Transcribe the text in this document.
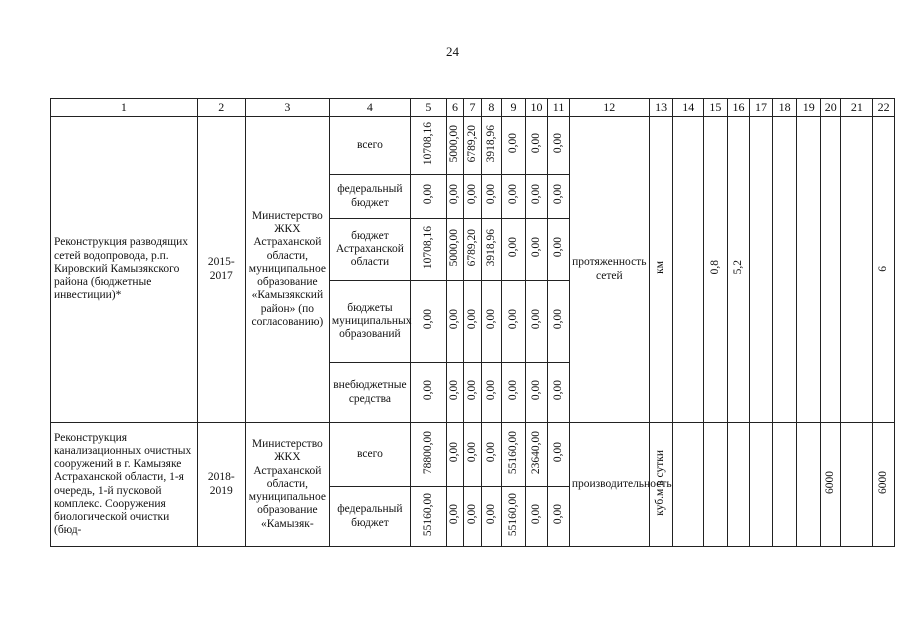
24
1	2	3	4	5	6	7	8	9	10	11	12	13	14	15	16	17	18	19	20	21	22
Реконструкция разводящих сетей водопровода, р.п. Кировский Камызякского района (бюджетные инвестиции)*	2015-2017	Министерство ЖКХ Астраханской области, муниципальное образование «Камызякский район» (по согласованию)	всего	10708,16	5000,00	6789,20	3918,96	0,00	0,00	0,00	протяженность сетей	км		0,8	5,2						6
			федеральный бюджет	0,00	0,00	0,00	0,00	0,00	0,00	0,00											
			бюджет Астраханской области	10708,16	5000,00	6789,20	3918,96	0,00	0,00	0,00											
			бюджеты муниципальных образований	0,00	0,00	0,00	0,00	0,00	0,00	0,00											
			внебюджетные средства	0,00	0,00	0,00	0,00	0,00	0,00	0,00											
Реконструкция канализационных очистных сооружений в г. Камызяке Астраханской области, 1-я очередь, 1-й пусковой комплекс. Сооружения биологической очистки (бюд-	2018-2019	Министерство ЖКХ Астраханской области, муниципальное образование «Камызяк-	всего	78800,00	0,00	0,00	0,00	55160,00	23640,00	0,00	производительность	куб.м в сутки							6000		6000
			федеральный бюджет	55160,00	0,00	0,00	0,00	55160,00	0,00	0,00											
